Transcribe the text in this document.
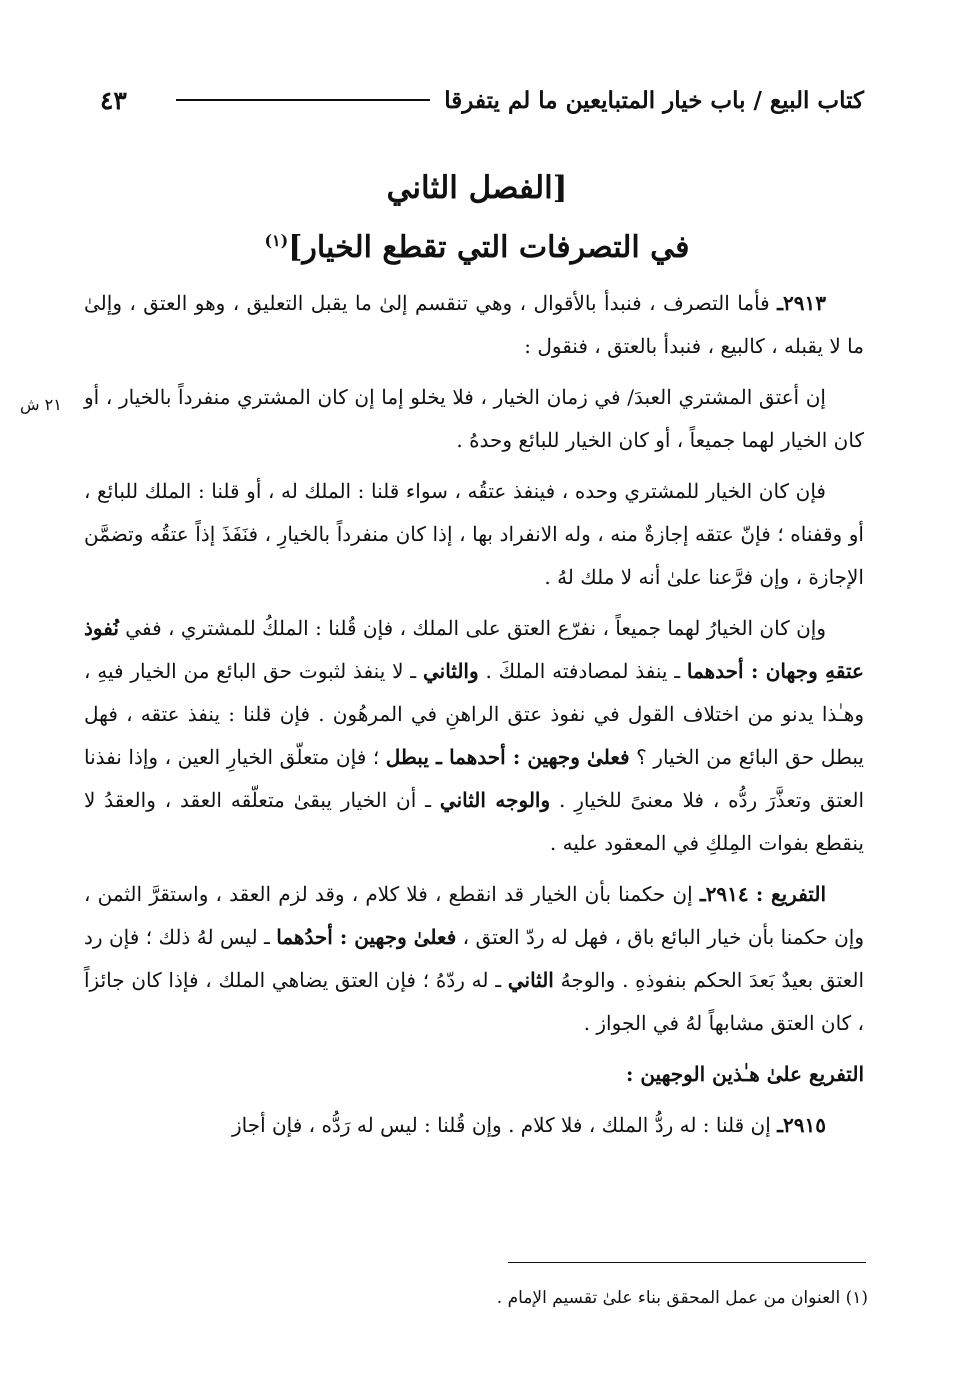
كتاب البيع / باب خيار المتبايعين ما لم يتفرقا
٤٣
[الفصل الثاني
في التصرفات التي تقطع الخيار]$^{(١)}$
٢١ ش

٢٩١٣ـ فأما التصرف ، فنبدأ بالأقوال ، وهي تنقسم إلىٰ ما يقبل التعليق ، وهو العتق ، وإلىٰ ما لا يقبله ، كالبيع ، فنبدأ بالعتق ، فنقول :

إن أعتق المشتري العبدَ/ في زمان الخيار ، فلا يخلو إما إن كان المشتري منفرداً بالخيار ، أو كان الخيار لهما جميعاً ، أو كان الخيار للبائع وحدهُ .

فإن كان الخيار للمشتري وحده ، فينفذ عتقُه ، سواء قلنا : الملك له ، أو قلنا : الملك للبائع ، أو وقفناه ؛ فإنّ عتقه إجازةٌ منه ، وله الانفراد بها ، إذا كان منفرداً بالخيارِ ، فنَفَذَ إذاً عتقُه وتضمَّن الإجازة ، وإن فرَّعنا علىٰ أنه لا ملك لهُ .

وإن كان الخيارُ لهما جميعاً ، نفرّع العتق على الملك ، فإن قُلنا : الملكُ للمشتري ، ففي نُفوذ عتقهِ وجهان : أحدهما ـ ينفذ لمصادفته الملكَ . والثاني ـ لا ينفذ لثبوت حق البائع من الخيار فيهِ ، وهـٰذا يدنو من اختلاف القول في نفوذ عتق الراهنِ في المرهُون . فإن قلنا : ينفذ عتقه ، فهل يبطل حق البائع من الخيار ؟ فعلىٰ وجهين : أحدهما ـ يبطل ؛ فإن متعلّق الخيارِ العين ، وإذا نفذنا العتق وتعذَّرَ ردُّه ، فلا معنىً للخيارِ . والوجه الثاني ـ أن الخيار يبقىٰ متعلّقه العقد ، والعقدُ لا ينقطع بفوات المِلكِ في المعقود عليه .

التفريع : ٢٩١٤ـ إن حكمنا بأن الخيار قد انقطع ، فلا كلام ، وقد لزم العقد ، واستقرَّ الثمن ، وإن حكمنا بأن خيار البائع باق ، فهل له ردّ العتق ، فعلىٰ وجهين : أحدُهما ـ ليس لهُ ذلك ؛ فإن رد العتق بعيدٌ بَعدَ الحكم بنفوذهِ . والوجهُ الثاني ـ له ردّهُ ؛ فإن العتق يضاهي الملك ، فإذا كان جائزاً ، كان العتق مشابهاً لهُ في الجواز .

التفريع علىٰ هـٰذين الوجهين :

٢٩١٥ـ إن قلنا : له ردُّ الملك ، فلا كلام . وإن قُلنا : ليس له رَدُّه ، فإن أجاز

(١) العنوان من عمل المحقق بناء علىٰ تقسيم الإمام .
